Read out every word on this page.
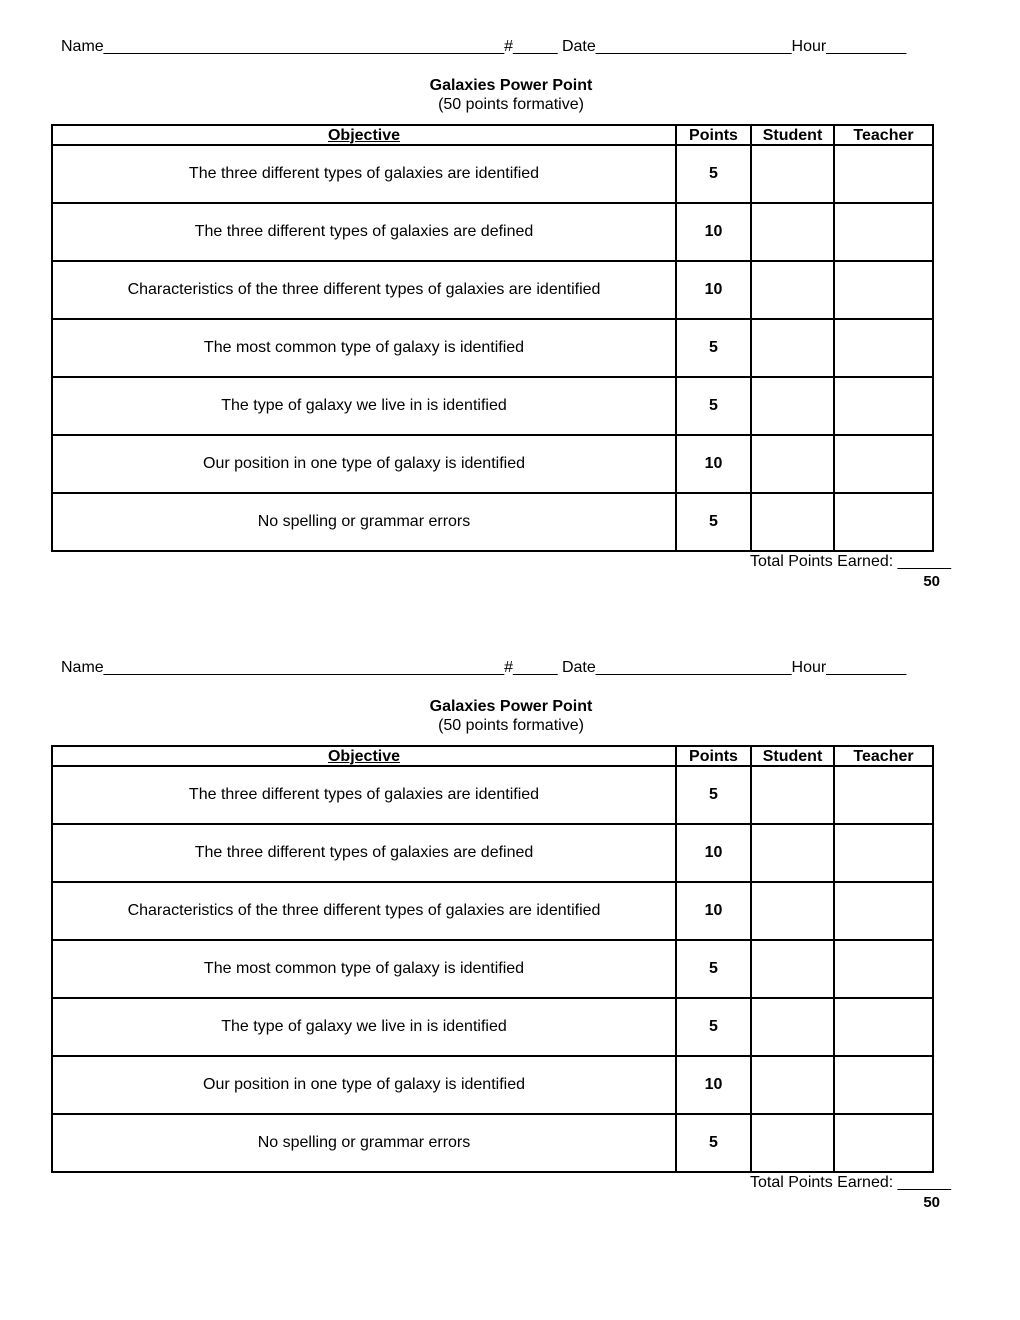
Name_____________________________________________#_____ Date______________________Hour_________
Galaxies Power Point
(50 points formative)
Objective	Points	Student	Teacher
The three different types of galaxies are identified	5		
The three different types of galaxies are defined	10		
Characteristics of the three different types of galaxies are identified	10		
The most common type of galaxy is identified	5		
The type of galaxy we live in is identified	5		
Our position in one type of galaxy is identified	10		
No spelling or grammar errors	5		
Total Points Earned: ______
50
Name_____________________________________________#_____ Date______________________Hour_________
Galaxies Power Point
(50 points formative)
Objective	Points	Student	Teacher
The three different types of galaxies are identified	5		
The three different types of galaxies are defined	10		
Characteristics of the three different types of galaxies are identified	10		
The most common type of galaxy is identified	5		
The type of galaxy we live in is identified	5		
Our position in one type of galaxy is identified	10		
No spelling or grammar errors	5		
Total Points Earned: ______
50
